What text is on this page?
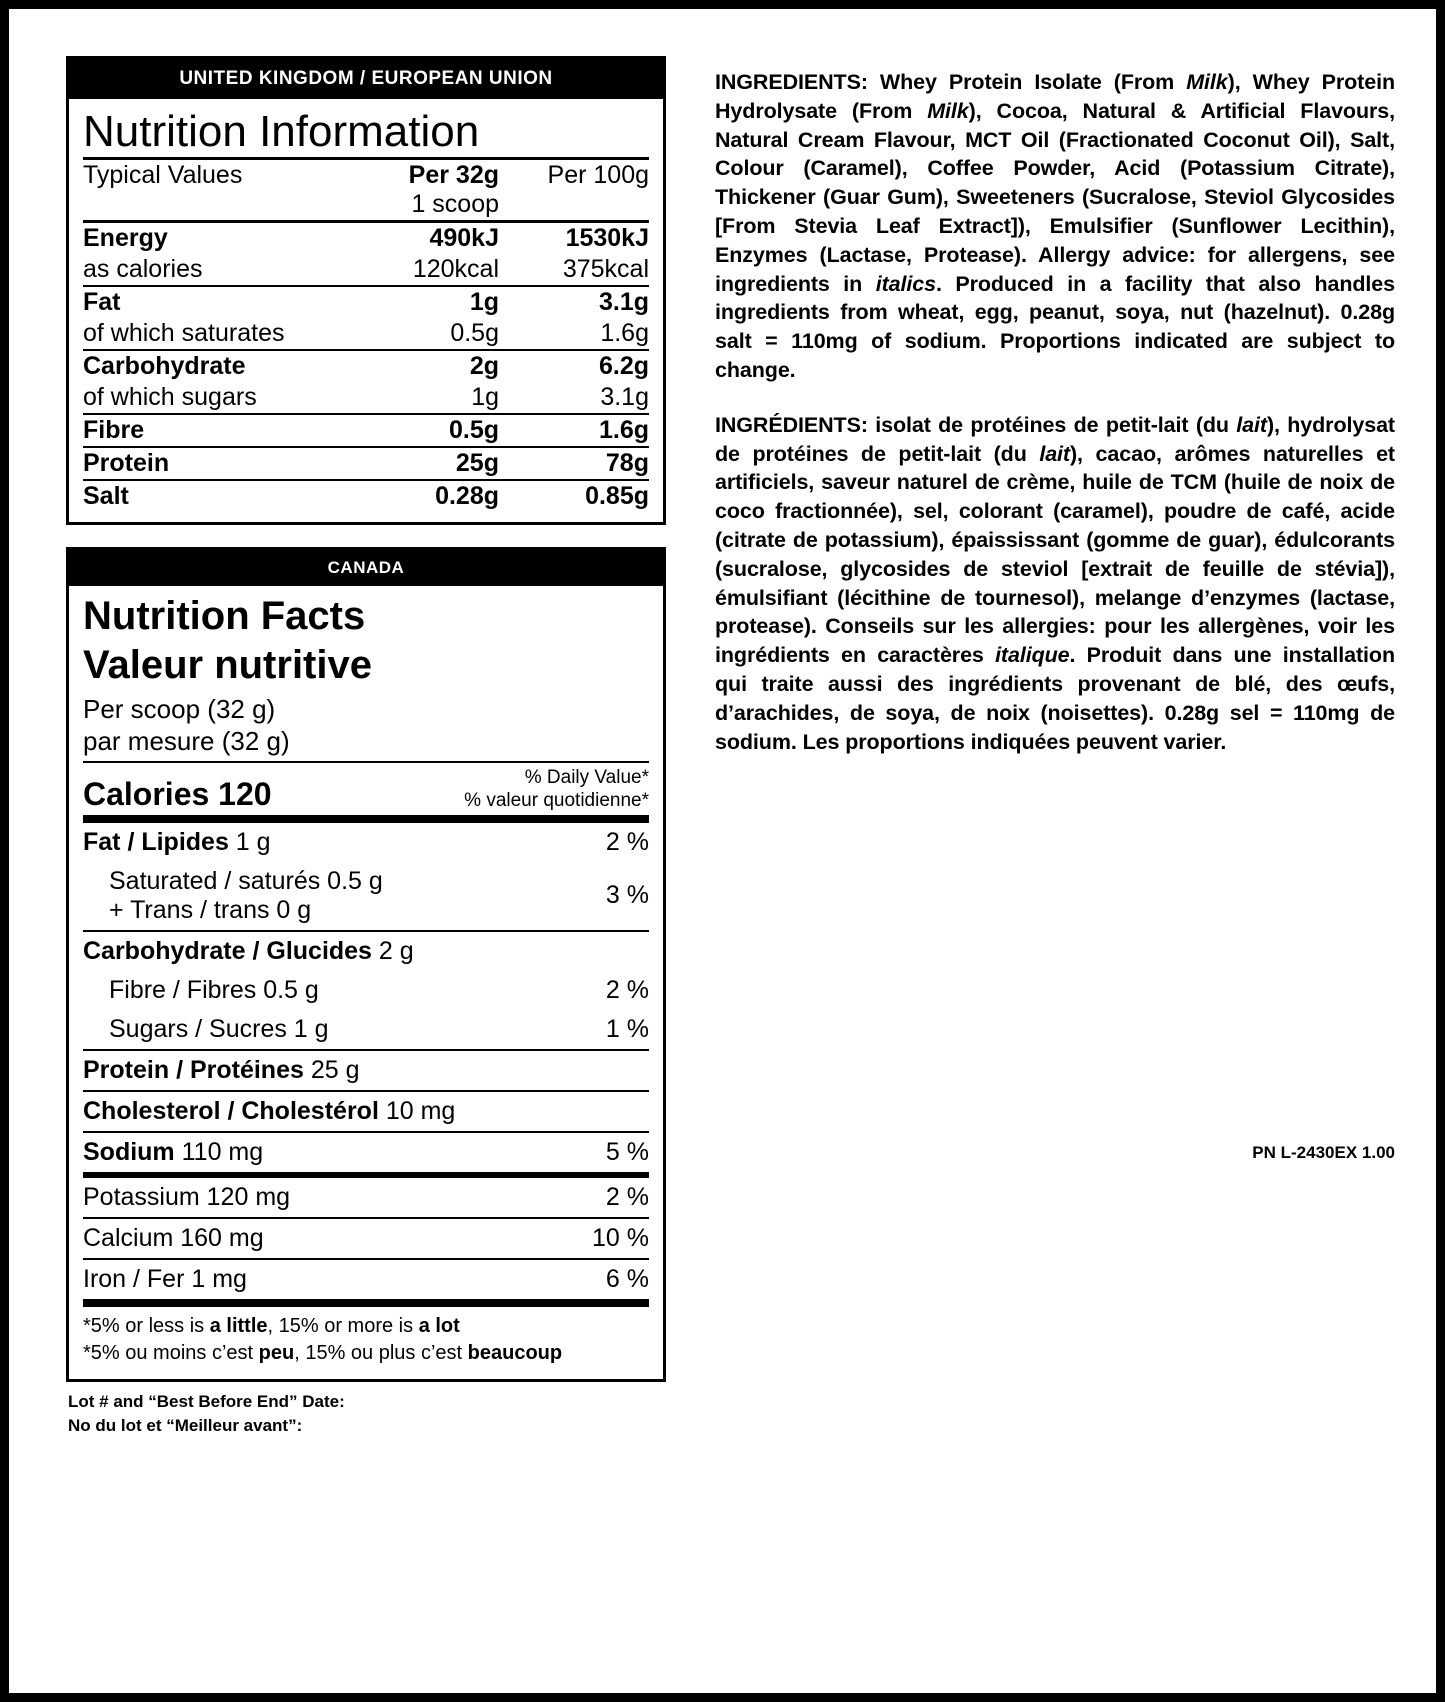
UNITED KINGDOM / EUROPEAN UNION
Nutrition Information
Typical Values	Per 32g	Per 100g
	1 scoop	
Energy	490kJ	1530kJ
as calories	120kcal	375kcal
Fat	1g	3.1g
of which saturates	0.5g	1.6g
Carbohydrate	2g	6.2g
of which sugars	1g	3.1g
Fibre	0.5g	1.6g
Protein	25g	78g
Salt	0.28g	0.85g
CANADA
Nutrition Facts
Valeur nutritive
Per scoop (32 g)
par mesure (32 g)
Calories 120	% Daily Value*
% valeur quotidienne*
Fat / Lipides 1 g	2 %
Saturated / saturés 0.5 g	3 %
+ Trans / trans 0 g	
Carbohydrate / Glucides 2 g	
Fibre / Fibres 0.5 g	2 %
Sugars / Sucres 1 g	1 %
Protein / Protéines 25 g	
Cholesterol / Cholestérol 10 mg	
Sodium 110 mg	5 %
Potassium 120 mg	2 %
Calcium 160 mg	10 %
Iron / Fer 1 mg	6 %
*5% or less is a little, 15% or more is a lot
*5% ou moins c’est peu, 15% ou plus c’est beaucoup
Lot # and “Best Before End” Date:
No du lot et “Meilleur avant”:
INGREDIENTS: Whey Protein Isolate (From Milk), Whey Protein Hydrolysate (From Milk), Cocoa, Natural & Artificial Flavours, Natural Cream Flavour, MCT Oil (Fractionated Coconut Oil), Salt, Colour (Caramel), Coffee Powder, Acid (Potassium Citrate), Thickener (Guar Gum), Sweeteners (Sucralose, Steviol Glycosides [From Stevia Leaf Extract]), Emulsifier (Sunflower Lecithin), Enzymes (Lactase, Protease). Allergy advice: for allergens, see ingredients in italics. Produced in a facility that also handles ingredients from wheat, egg, peanut, soya, nut (hazelnut). 0.28g salt = 110mg of sodium. Proportions indicated are subject to change.
INGRÉDIENTS: isolat de protéines de petit-lait (du lait), hydrolysat de protéines de petit-lait (du lait), cacao, arômes naturelles et artificiels, saveur naturel de crème, huile de TCM (huile de noix de coco fractionnée), sel, colorant (caramel), poudre de café, acide (citrate de potassium), épaississant (gomme de guar), édulcorants (sucralose, glycosides de steviol [extrait de feuille de stévia]), émulsifiant (lécithine de tournesol), melange d’enzymes (lactase, protease). Conseils sur les allergies: pour les allergènes, voir les ingrédients en caractères italique. Produit dans une installation qui traite aussi des ingrédients provenant de blé, des œufs, d’arachides, de soya, de noix (noisettes). 0.28g sel = 110mg de sodium. Les proportions indiquées peuvent varier.
PN L-2430EX 1.00
